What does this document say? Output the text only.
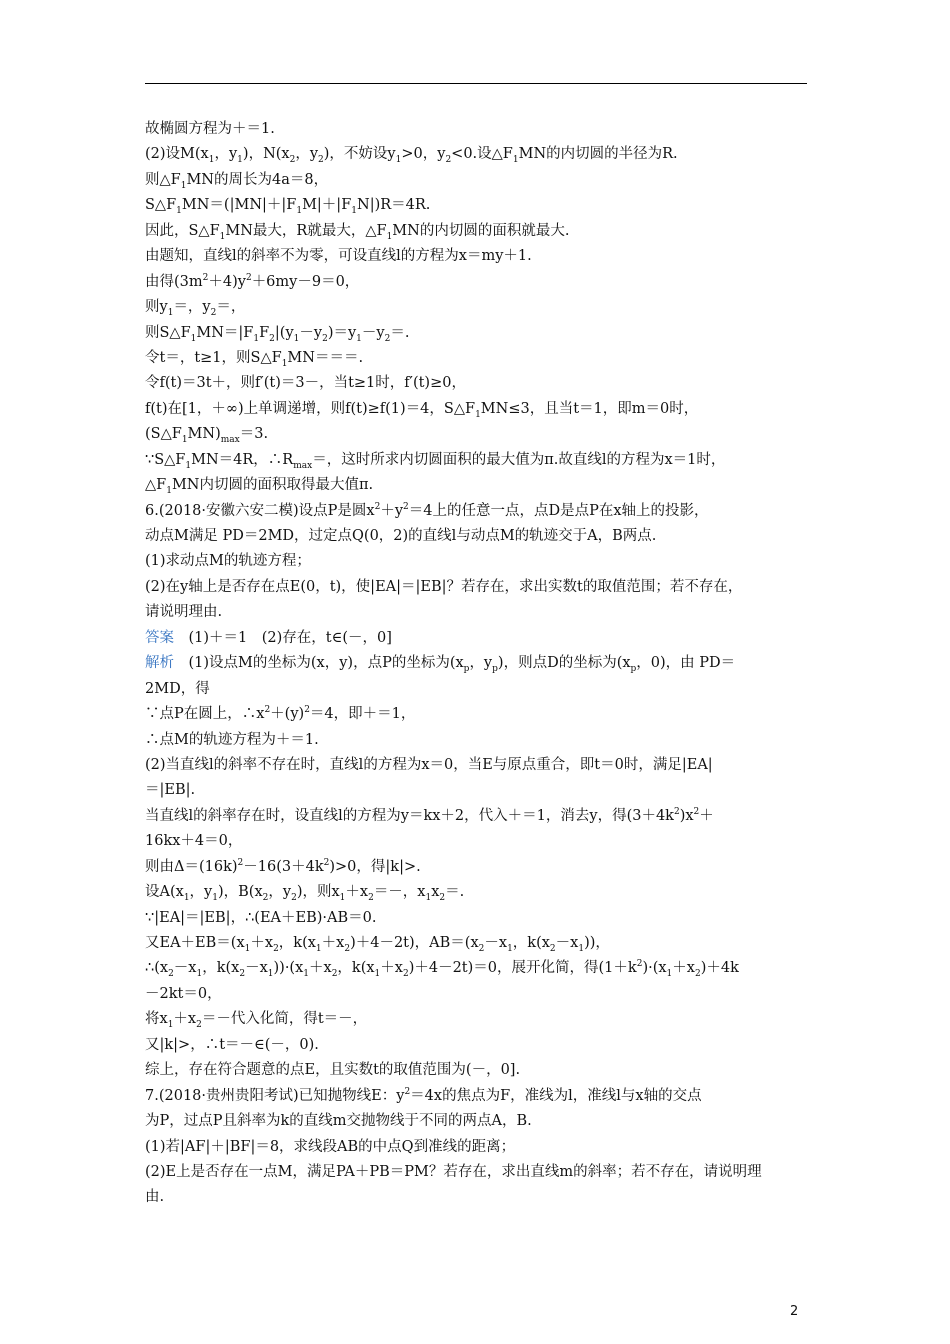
故椭圆方程为＋＝1.
(2)设$M(x_1$，$y_1$)，$N(x_2$，$y_2$)，不妨设$y_1>0$，$y_2<0$.设$\triangle F_1MN$的内切圆的半径为R.
则$\triangle F_1MN$的周长为4a＝8，
$S\triangle F_1MN=(|MN|+|F_1M|+|F_1N|)R=4R$.
因此，$S\triangle F_1MN$最大，R就最大，$\triangle F_1MN$的内切圆的面积就最大.
由题知，直线l的斜率不为零，可设直线l的方程为x＝my＋1.
由得$(3m^2+4)y^2+6my-9=0$，
则$y_1=$，$y_2=$，
则$S\triangle F_1MN=|F_1F_2|(y_1-y_2)=y_1-y_2=$.
令t＝，t≥1，则$S\triangle F_1MN===$.
令f(t)＝3t＋，则f′(t)＝3－，当t≥1时，f′(t)≥0，
f(t)在[1，＋∞)上单调递增，则f(t)≥f(1)＝4，$S\triangle F_1MN\le 3$，且当t＝1，即m＝0时，
$(S\triangle F_1MN)_{max}=3$.
$\because S\triangle F_1MN=4R$，$\therefore R_{max}=$，这时所求内切圆面积的最大值为π.故直线l的方程为x＝1时，
$\triangle F_1MN$内切圆的面积取得最大值π.
6.(2018·安徽六安二模)设点P是圆$x^2+y^2=4$上的任意一点，点D是点P在x轴上的投影，
动点M满足 PD＝2MD，过定点Q(0，2)的直线l与动点M的轨迹交于A，B两点.
(1)求动点M的轨迹方程；
(2)在y轴上是否存在点E(0，t)，使|EA|＝|EB|？若存在，求出实数t的取值范围；若不存在，
请说明理由.
答案　(1)＋＝1　(2)存在，t∈(－，0]
解析　(1)设点M的坐标为(x，y)，点P的坐标为($x_p$，$y_p$)，则点D的坐标为($x_p$，0)，由 PD＝
2MD，得
∵点P在圆上，$\therefore x^2+(y)^2=4$，即＋＝1，
∴点M的轨迹方程为＋＝1.
(2)当直线l的斜率不存在时，直线l的方程为x＝0，当E与原点重合，即t＝0时，满足|EA|
＝|EB|.
当直线l的斜率存在时，设直线l的方程为y＝kx＋2，代入＋＝1，消去y，得$(3+4k^2)x^2+$
16kx＋4＝0，
则由$\Delta=(16k)^2-16(3+4k^2)>0$，得|k|>.
设$A(x_1$，$y_1$)，$B(x_2$，$y_2$)，则$x_1+x_2=-$，$x_1x_2=$.
∵|EA|＝|EB|，∴(EA＋EB)·AB＝0.
又$EA+EB=(x_1+x_2$，$k(x_1+x_2)+4-2t$)，$AB=(x_2-x_1$，$k(x_2-x_1)$)，
$\therefore(x_2-x_1$，$k(x_2-x_1))\cdot(x_1+x_2$，$k(x_1+x_2)+4-2t)=0$，展开化简，得$(1+k^2)\cdot(x_1+x_2)+4k$
－2kt＝0，
将$x_1+x_2=-$代入化简，得t＝－，
又|k|>，∴t＝－∈(－，0).
综上，存在符合题意的点E，且实数t的取值范围为(－，0].
7.(2018·贵州贵阳考试)已知抛物线E：$y^2=4x$的焦点为F，准线为l，准线l与x轴的交点
为P，过点P且斜率为k的直线m交抛物线于不同的两点A，B.
(1)若|AF|＋|BF|＝8，求线段AB的中点Q到准线的距离；
(2)E上是否存在一点M，满足PA＋PB＝PM？若存在，求出直线m的斜率；若不存在，请说明理
由.
2
